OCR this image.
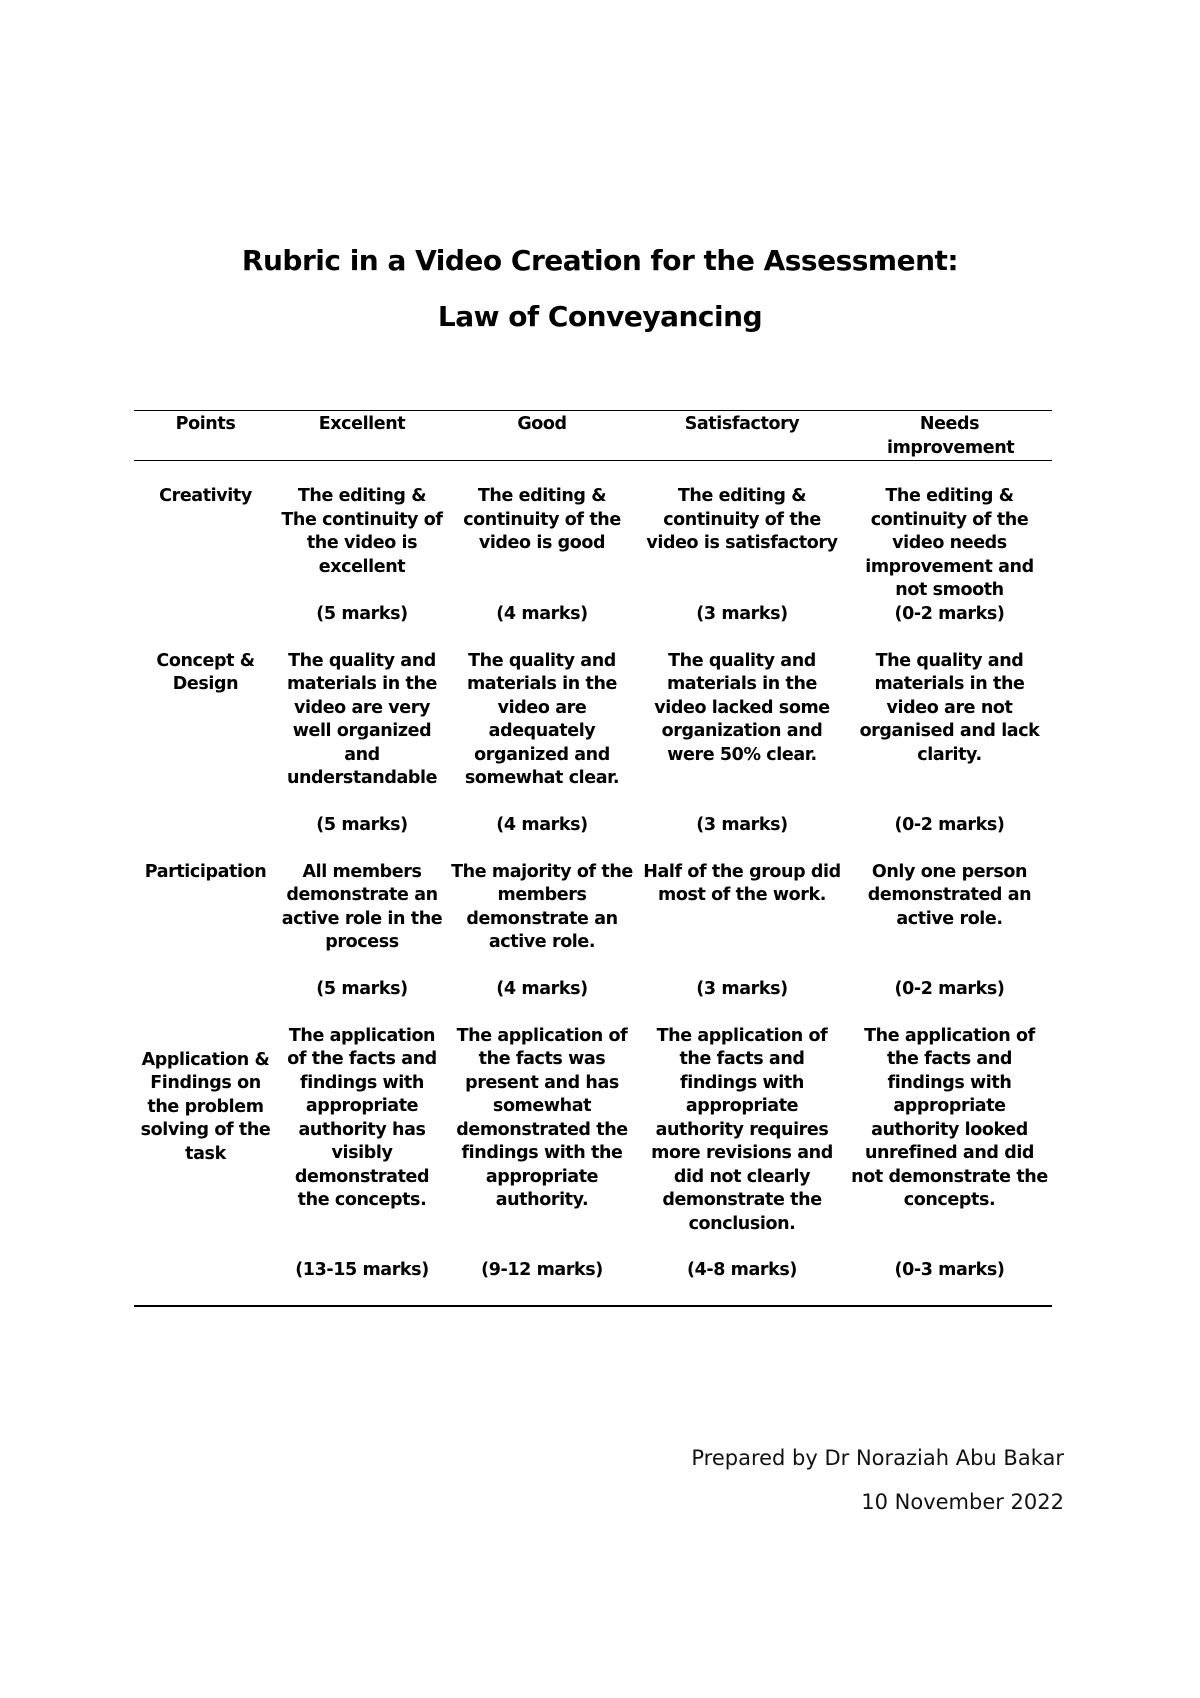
Rubric in a Video Creation for the Assessment:
Law of Conveyancing
Points	Excellent	Good	Satisfactory	Needs improvement

Creativity	The editing & The continuity of the video is excellent	The editing & continuity of the video is good	The editing & continuity of the video is satisfactory	The editing & continuity of the video needs improvement and not smooth
	(5 marks)	(4 marks)	(3 marks)	(0-2 marks)
Concept & Design	The quality and materials in the video are very well organized and understandable	The quality and materials in the video are adequately organized and somewhat clear.	The quality and materials in the video lacked some organization and were 50% clear.	The quality and materials in the video are not organised and lack clarity.
	(5 marks)	(4 marks)	(3 marks)	(0-2 marks)
Participation	All members demonstrate an active role in the process	The majority of the members demonstrate an active role.	Half of the group did most of the work.	Only one person demonstrated an active role.
	(5 marks)	(4 marks)	(3 marks)	(0-2 marks)
Application & Findings on the problem solving of the task	The application of the facts and findings with appropriate authority has visibly demonstrated the concepts.	The application of the facts was present and has somewhat demonstrated the findings with the appropriate authority.	The application of the facts and findings with appropriate authority requires more revisions and did not clearly demonstrate the conclusion.	The application of the facts and findings with appropriate authority looked unrefined and did not demonstrate the concepts.
	(13-15 marks)	(9-12 marks)	(4-8 marks)	(0-3 marks)

Prepared by Dr Noraziah Abu Bakar
10 November 2022
